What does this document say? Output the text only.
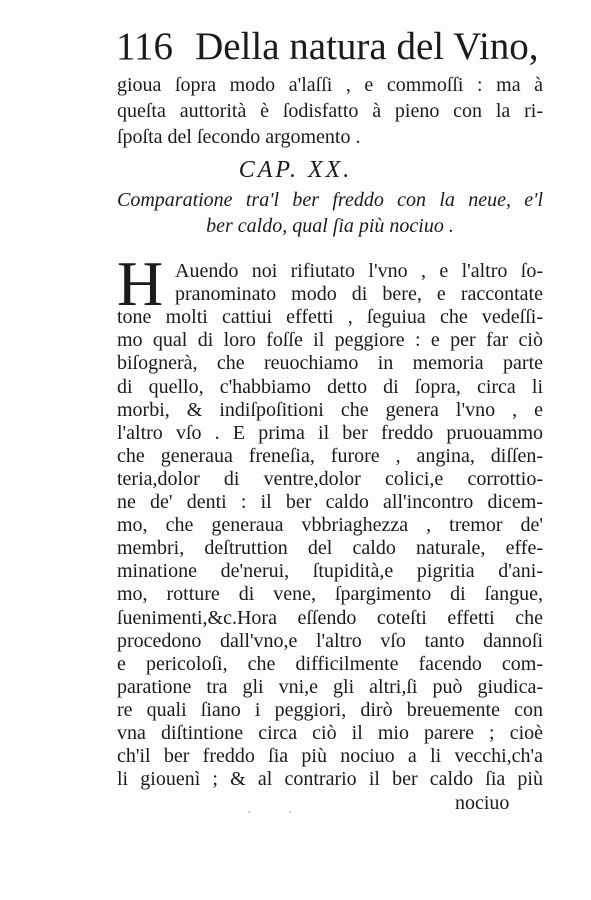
116 Della natura del Vino,
gioua ſopra modo a'laſſi , e commoſſi : ma à
queſta auttorità è ſodisfatto à pieno con la ri-
ſpoſta del ſecondo argomento .
CAP. XX.
Comparatione tra'l ber freddo con la neue, e'l
ber caldo, qual ſia più nociuo .
H Auendo noi rifiutato l'vno , e l'altro ſo-
pranominato modo di bere, e raccontate
tone molti cattiui effetti , ſeguiua che vedeſſi-
mo qual di loro foſſe il peggiore : e per far ciò
biſognerà, che reuochiamo in memoria parte
di quello, c'habbiamo detto di ſopra, circa li
morbi, & indiſpoſitioni che genera l'vno , e
l'altro vſo . E prima il ber freddo pruouammo
che generaua freneſia, furore , angina, diſſen-
teria,dolor di ventre,dolor colici,e corrottio-
ne de' denti : il ber caldo all'incontro dicem-
mo, che generaua vbbriaghezza , tremor de'
membri, deſtruttion del caldo naturale, effe-
minatione de'nerui, ſtupidità,e pigritia d'ani-
mo, rotture di vene, ſpargimento di ſangue,
ſuenimenti,&c.Hora eſſendo coteſti effetti che
procedono dall'vno,e l'altro vſo tanto dannoſi
e pericoloſi, che difficilmente facendo com-
paratione tra gli vni,e gli altri,ſi può giudica-
re quali ſiano i peggiori, dirò breuemente con
vna diſtintione circa ciò il mio parere ; cioè
ch'il ber freddo ſia più nociuo a li vecchi,ch'a
li giouenì ; & al contrario il ber caldo ſia più
· ·	nociuo
